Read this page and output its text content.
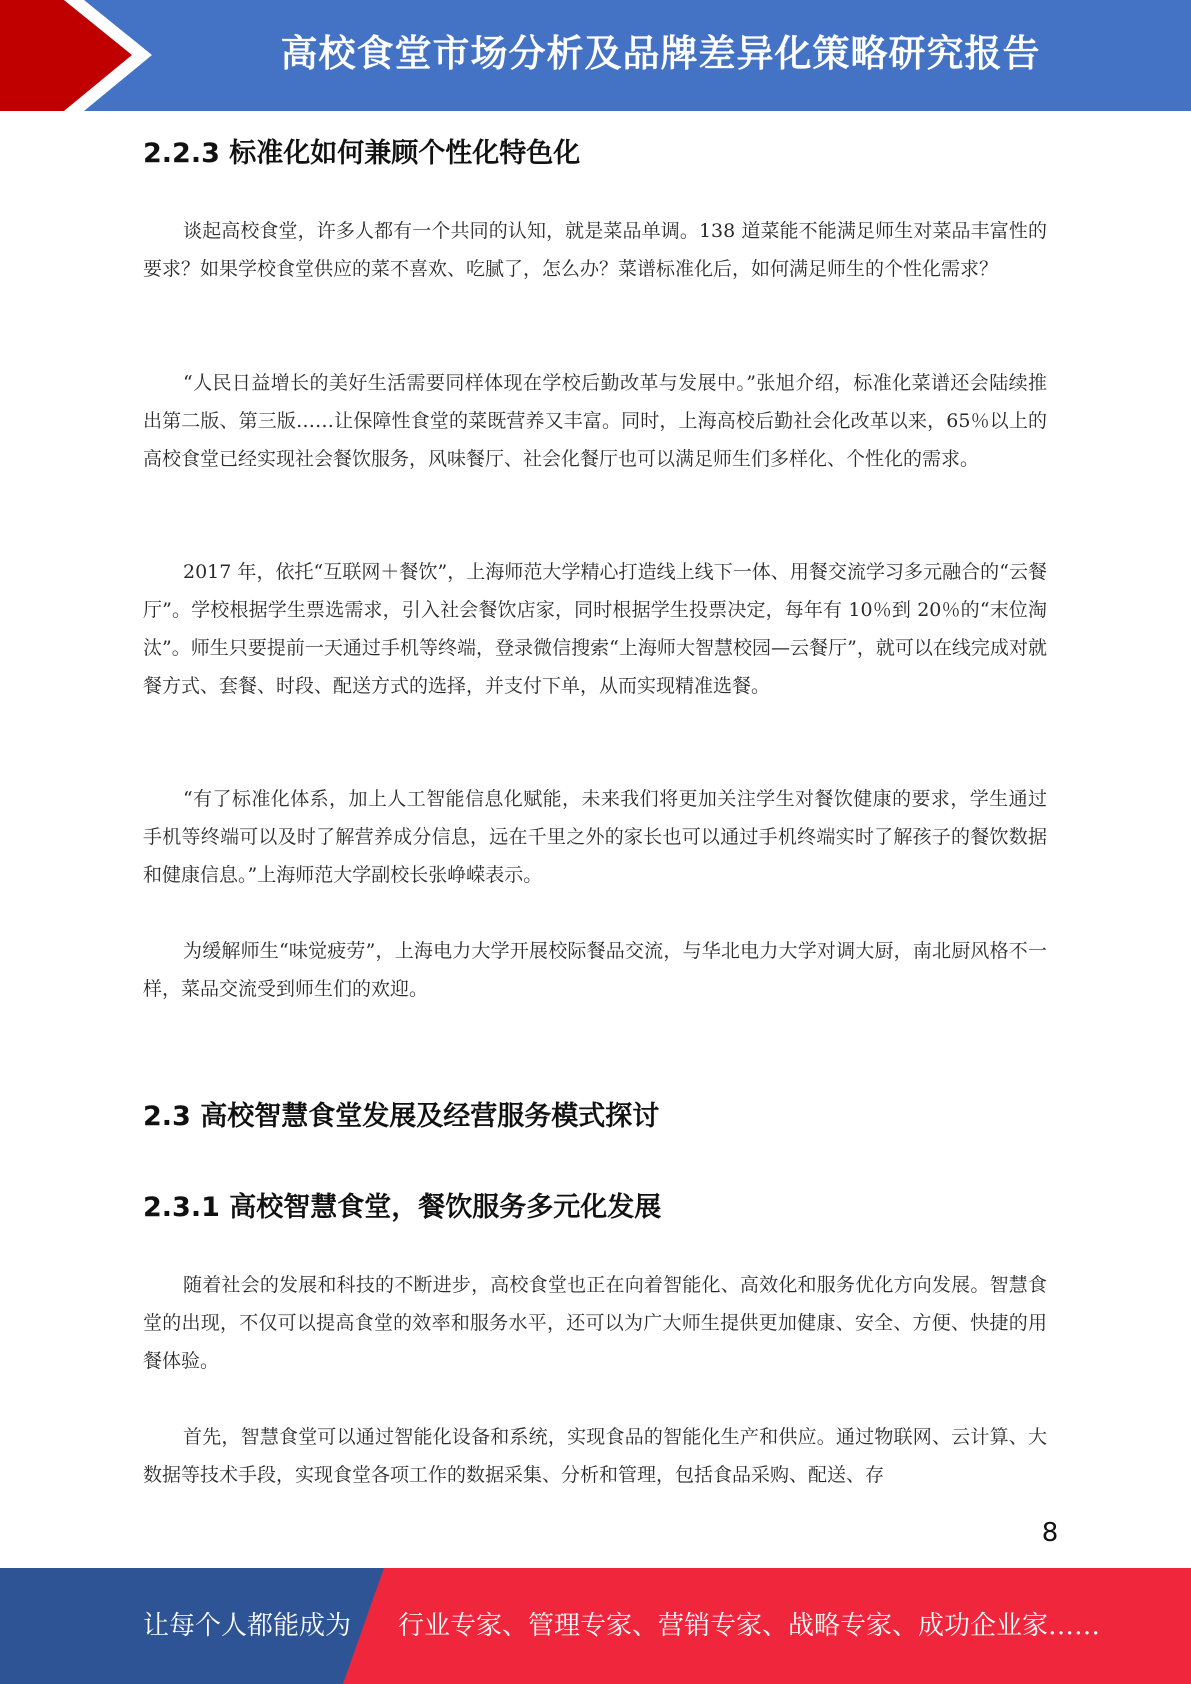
高校食堂市场分析及品牌差异化策略研究报告
2.2.3 标准化如何兼顾个性化特色化

谈起高校食堂，许多人都有一个共同的认知，就是菜品单调。138 道菜能不能满足师生对菜品丰富性的要求？如果学校食堂供应的菜不喜欢、吃腻了，怎么办？菜谱标准化后，如何满足师生的个性化需求？

“人民日益增长的美好生活需要同样体现在学校后勤改革与发展中。”张旭介绍，标准化菜谱还会陆续推出第二版、第三版……让保障性食堂的菜既营养又丰富。同时，上海高校后勤社会化改革以来，65％以上的高校食堂已经实现社会餐饮服务，风味餐厅、社会化餐厅也可以满足师生们多样化、个性化的需求。

2017 年，依托“互联网＋餐饮”，上海师范大学精心打造线上线下一体、用餐交流学习多元融合的“云餐厅”。学校根据学生票选需求，引入社会餐饮店家，同时根据学生投票决定，每年有 10％到 20％的“末位淘汰”。师生只要提前一天通过手机等终端，登录微信搜索“上海师大智慧校园—云餐厅”，就可以在线完成对就餐方式、套餐、时段、配送方式的选择，并支付下单，从而实现精准选餐。

“有了标准化体系，加上人工智能信息化赋能，未来我们将更加关注学生对餐饮健康的要求，学生通过手机等终端可以及时了解营养成分信息，远在千里之外的家长也可以通过手机终端实时了解孩子的餐饮数据和健康信息。”上海师范大学副校长张峥嵘表示。

为缓解师生“味觉疲劳”，上海电力大学开展校际餐品交流，与华北电力大学对调大厨，南北厨风格不一样，菜品交流受到师生们的欢迎。

2.3 高校智慧食堂发展及经营服务模式探讨
2.3.1 高校智慧食堂，餐饮服务多元化发展

随着社会的发展和科技的不断进步，高校食堂也正在向着智能化、高效化和服务优化方向发展。智慧食堂的出现，不仅可以提高食堂的效率和服务水平，还可以为广大师生提供更加健康、安全、方便、快捷的用餐体验。

首先，智慧食堂可以通过智能化设备和系统，实现食品的智能化生产和供应。通过物联网、云计算、大数据等技术手段，实现食堂各项工作的数据采集、分析和管理，包括食品采购、配送、存

8
让每个人都能成为 行业专家、管理专家、营销专家、战略专家、成功企业家……
